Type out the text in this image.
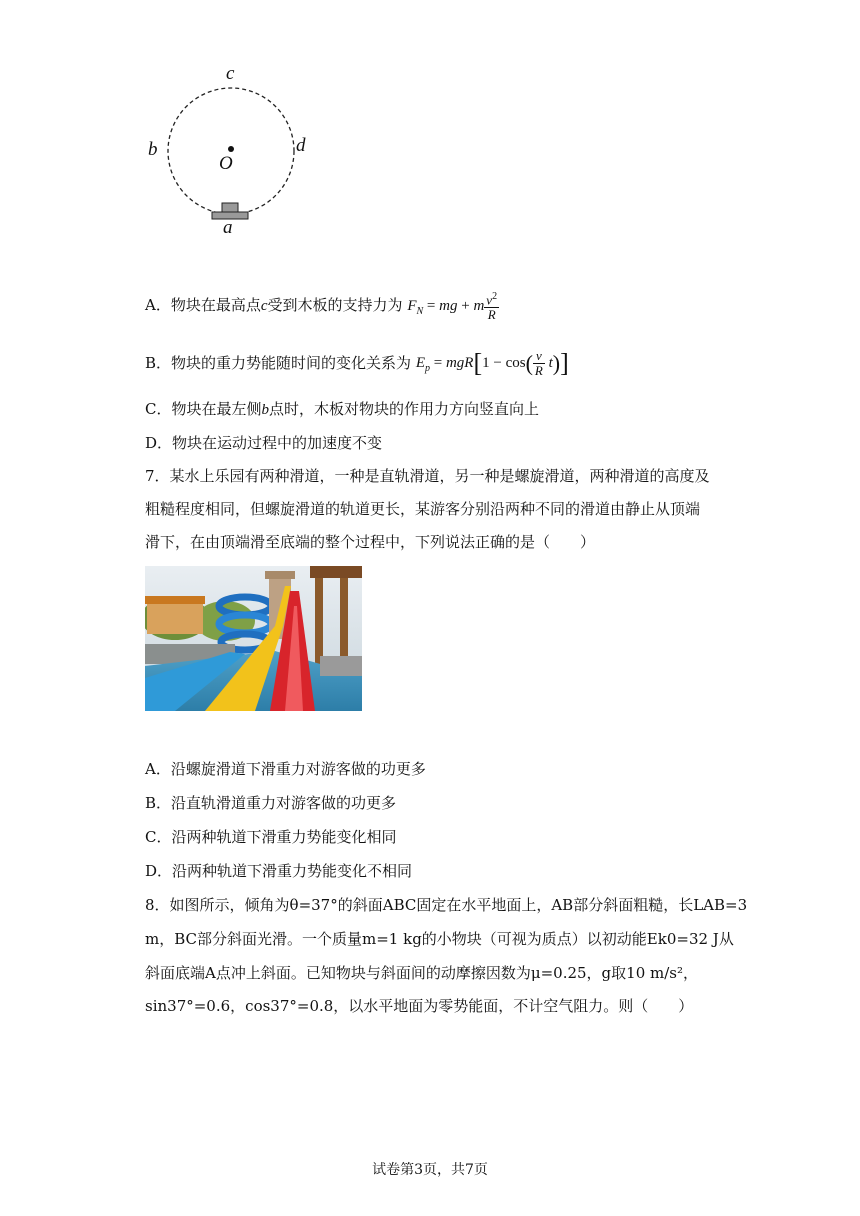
c
b	d
O
a
A．物块在最高点c受到木板的支持力为 $F_N$ = mg + m $\frac{v^2}{R}$
B．物块的重力势能随时间的变化关系为 $E_p = mgR[1 - \cos( \frac{v}{R} t)]$
C．物块在最左侧b点时，木板对物块的作用力方向竖直向上
D．物块在运动过程中的加速度不变
7．某水上乐园有两种滑道，一种是直轨滑道，另一种是螺旋滑道，两种滑道的高度及粗糙程度相同，但螺旋滑道的轨道更长，某游客分别沿两种不同的滑道由静止从顶端滑下，在由顶端滑至底端的整个过程中，下列说法正确的是（　　）
A．沿螺旋滑道下滑重力对游客做的功更多
B．沿直轨滑道重力对游客做的功更多
C．沿两种轨道下滑重力势能变化相同
D．沿两种轨道下滑重力势能变化不相同
8．如图所示，倾角为θ=37°的斜面ABC固定在水平地面上，AB部分斜面粗糙，长LAB=3
m，BC部分斜面光滑。一个质量m=1 kg的小物块（可视为质点）以初动能Ek0=32 J从
斜面底端A点冲上斜面。已知物块与斜面间的动摩擦因数为μ=0.25，g取10 m/s²，
sin37°=0.6，cos37°=0.8，以水平地面为零势能面，不计空气阻力。则（　　）
试卷第3页，共7页
